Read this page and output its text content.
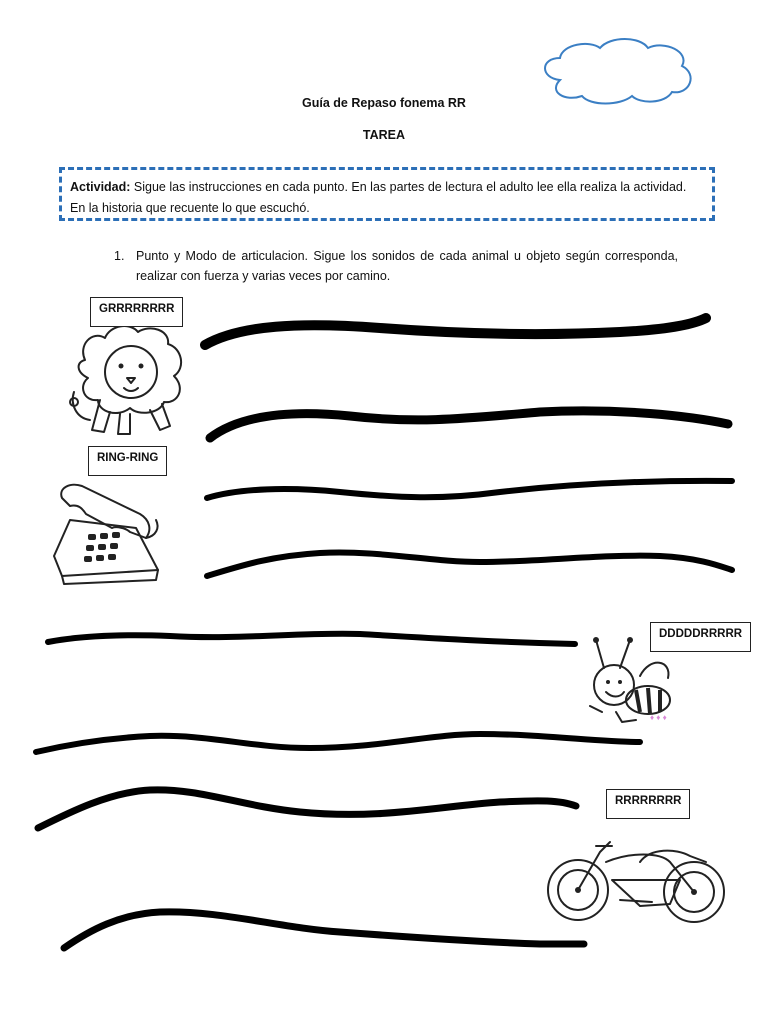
♦ ♦ ♦
Guía de Repaso fonema RR
TAREA
Actividad: Sigue las instrucciones en cada punto. En las partes de lectura el adulto lee ella realiza la actividad. En la historia que recuente lo que escuchó.
1. Punto y Modo de articulacion. Sigue los sonidos de cada animal u objeto según corresponda, realizar con fuerza y varias veces por camino.
GRRRRRRRR
RING-RING
DDDDDRRRRR
RRRRRRRR
